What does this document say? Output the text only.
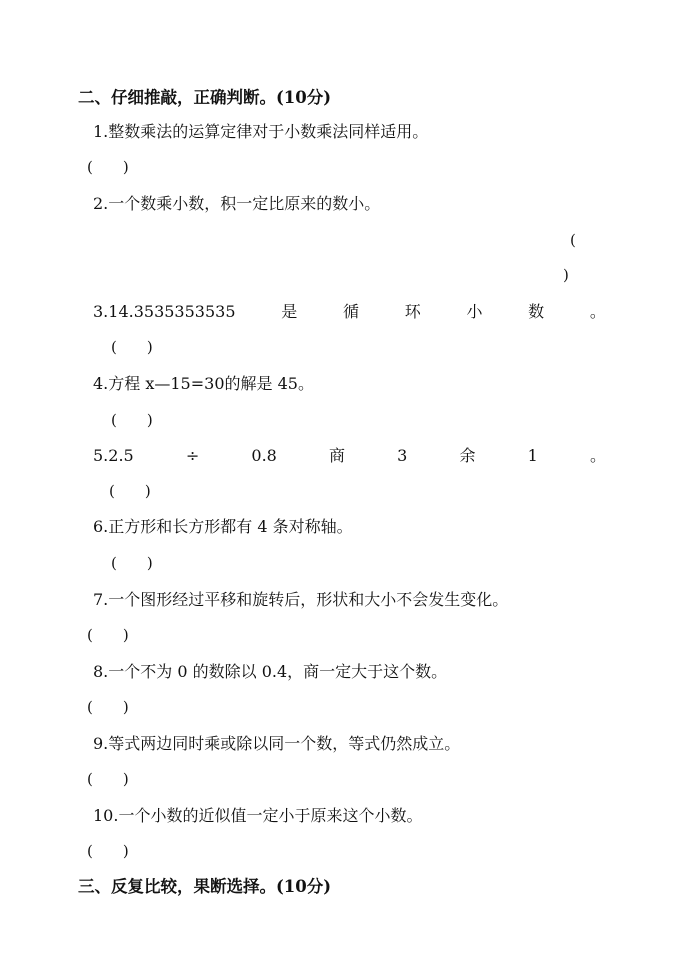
二、仔细推敲，正确判断。(10分)
1.整数乘法的运算定律对于小数乘法同样适用。
(　　)
2.一个数乘小数，积一定比原来的数小。
(
)
3.14.3535353535	是	循	环	小	数	。
(　　)
4.方程 x—15=30的解是 45。
(　　)
5.2.5	÷	0.8	商	3	余	1	。
(　　)
6.正方形和长方形都有 4 条对称轴。
(　　)
7.一个图形经过平移和旋转后，形状和大小不会发生变化。
(　　)
8.一个不为 0 的数除以 0.4，商一定大于这个数。
(　　)
9.等式两边同时乘或除以同一个数，等式仍然成立。
(　　)
10.一个小数的近似值一定小于原来这个小数。
(　　)
三、反复比较，果断选择。(10分)
